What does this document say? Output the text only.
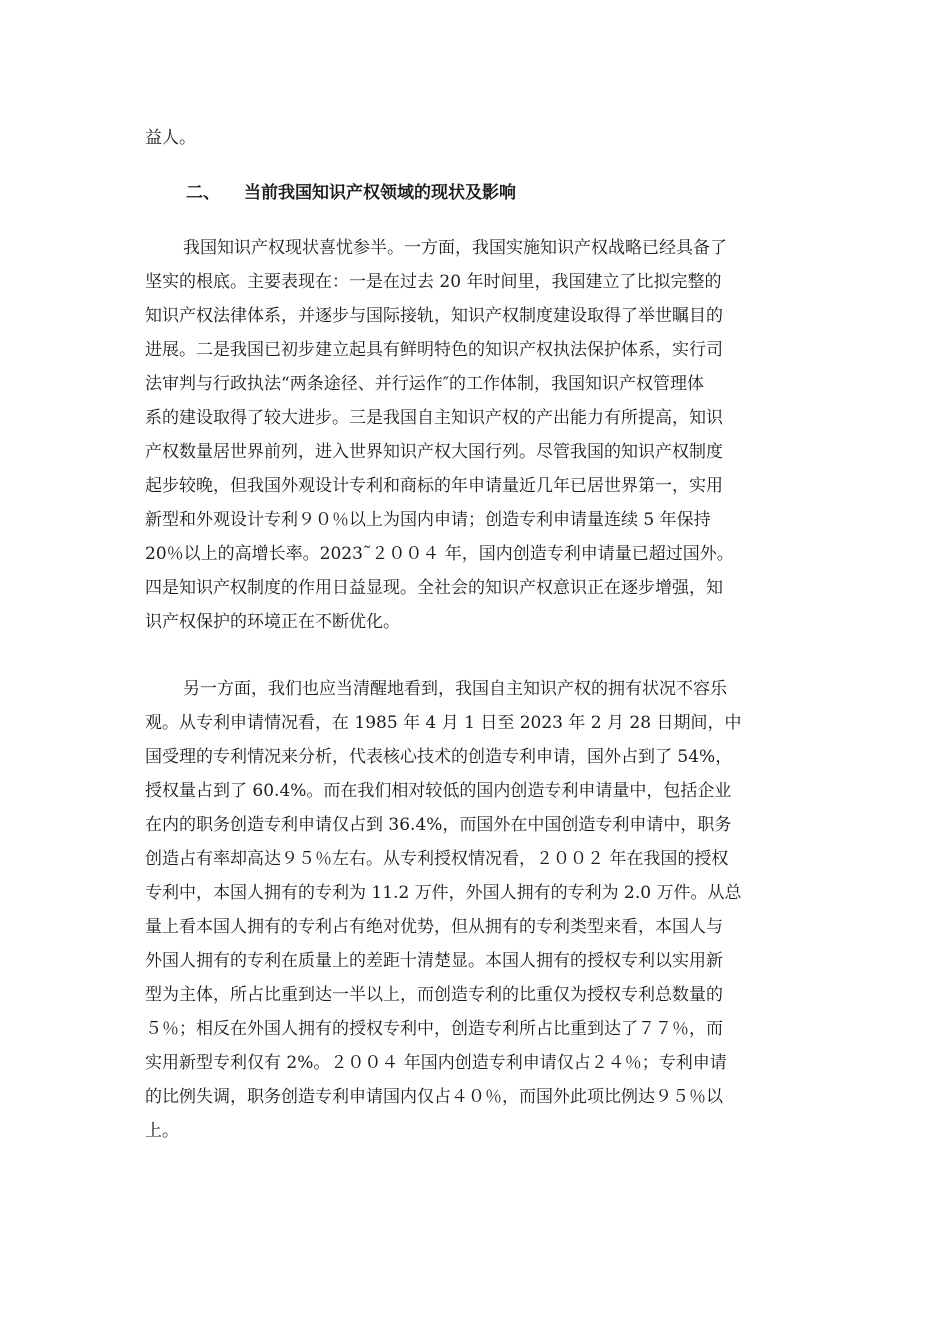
益人。
二、 当前我国知识产权领域的现状及影响
我国知识产权现状喜忧参半。一方面，我国实施知识产权战略已经具备了
坚实的根底。主要表现在：一是在过去 20 年时间里，我国建立了比拟完整的
知识产权法律体系，并逐步与国际接轨，知识产权制度建设取得了举世瞩目的
进展。二是我国已初步建立起具有鲜明特色的知识产权执法保护体系，实行司
法审判与行政执法“两条途径、并行运作″的工作体制，我国知识产权管理体
系的建设取得了较大进步。三是我国自主知识产权的产出能力有所提高，知识
产权数量居世界前列，进入世界知识产权大国行列。尽管我国的知识产权制度
起步较晚，但我国外观设计专利和商标的年申请量近几年已居世界第一，实用
新型和外观设计专利９０％以上为国内申请；创造专利申请量连续 5 年保持
20％以上的高增长率。2023˜２００４ 年，国内创造专利申请量已超过国外。
四是知识产权制度的作用日益显现。全社会的知识产权意识正在逐步增强，知
识产权保护的环境正在不断优化。
另一方面，我们也应当清醒地看到，我国自主知识产权的拥有状况不容乐
观。从专利申请情况看，在 1985 年 4 月 1 日至 2023 年 2 月 28 日期间，中
国受理的专利情况来分析，代表核心技术的创造专利申请，国外占到了 54%，
授权量占到了 60.4%。而在我们相对较低的国内创造专利申请量中，包括企业
在内的职务创造专利申请仅占到 36.4%，而国外在中国创造专利申请中，职务
创造占有率却高达９５％左右。从专利授权情况看，２００２ 年在我国的授权
专利中，本国人拥有的专利为 11.2 万件，外国人拥有的专利为 2.0 万件。从总
量上看本国人拥有的专利占有绝对优势，但从拥有的专利类型来看，本国人与
外国人拥有的专利在质量上的差距十清楚显。本国人拥有的授权专利以实用新
型为主体，所占比重到达一半以上，而创造专利的比重仅为授权专利总数量的
５％；相反在外国人拥有的授权专利中，创造专利所占比重到达了７７％，而
实用新型专利仅有 2%。２００４ 年国内创造专利申请仅占２４％；专利申请
的比例失调，职务创造专利申请国内仅占４０％，而国外此项比例达９５％以
上。
